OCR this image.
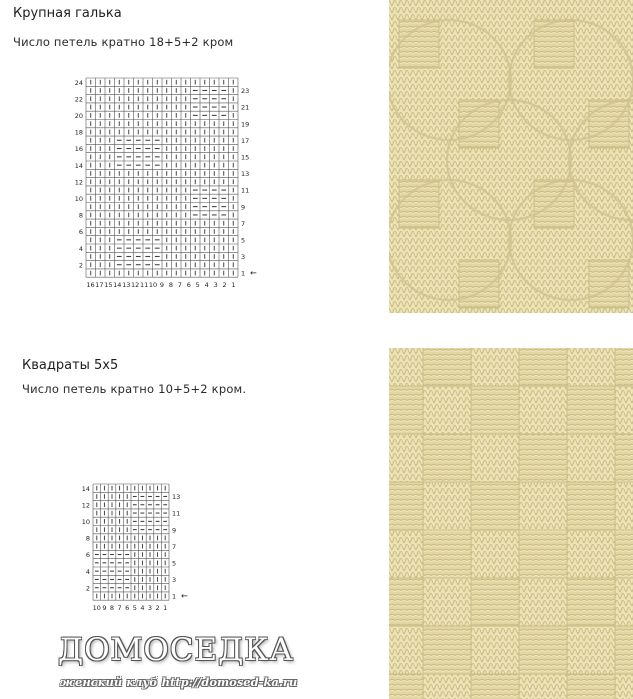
Крупная галька
Число петель кратно 18+5+2 кром
24
22
20
18
16
14
12
10
8
6
4
2
23
21
19
17
15
13
11
9
7
5
3
1 ←
16 17 15 14 13 12 11 10 9 8 7 6 5 4 3 2 1
Квадраты 5х5
Число петель кратно 10+5+2 кром.
14
12
10
8
6
4
2
13
11
9
7
5
3
1 ←
10 9 8 7 6 5 4 3 2 1
ДОМОСЕДКА
женский клуб http://domosed-ka.ru
